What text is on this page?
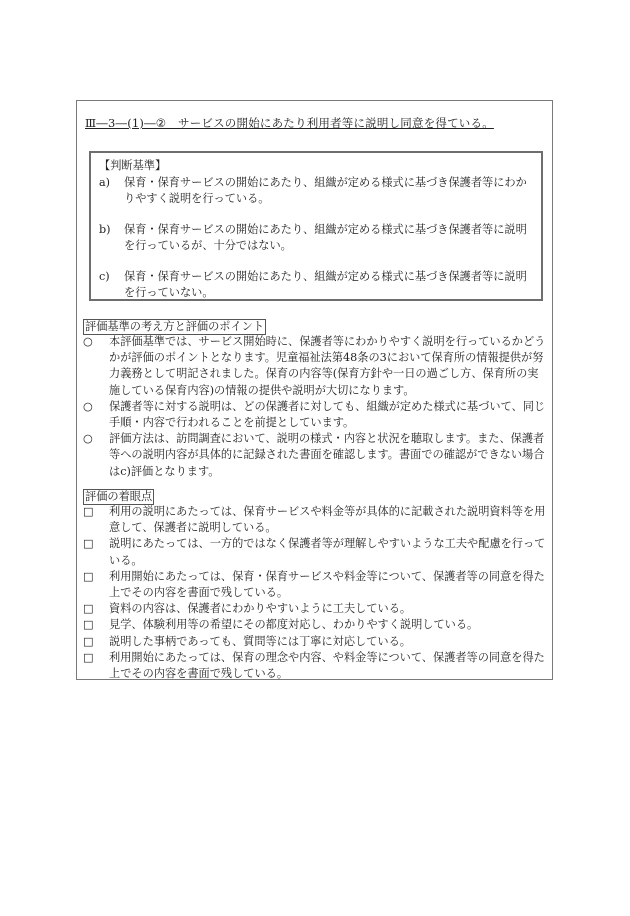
Ⅲ―3―(1)―②　サービスの開始にあたり利用者等に説明し同意を得ている。
【判断基準】
a)	保育・保育サービスの開始にあたり、組織が定める様式に基づき保護者等にわかりやすく説明を行っている。
b)	保育・保育サービスの開始にあたり、組織が定める様式に基づき保護者等に説明を行っているが、十分ではない。
c)	保育・保育サービスの開始にあたり、組織が定める様式に基づき保護者等に説明を行っていない。
評価基準の考え方と評価のポイント
○	本評価基準では、サービス開始時に、保護者等にわかりやすく説明を行っているかどうかが評価のポイントとなります。児童福祉法第48条の3において保育所の情報提供が努力義務として明記されました。保育の内容等(保育方針や一日の過ごし方、保育所の実施している保育内容)の情報の提供や説明が大切になります。
○	保護者等に対する説明は、どの保護者に対しても、組織が定めた様式に基づいて、同じ手順・内容で行われることを前提としています。
○	評価方法は、訪問調査において、説明の様式・内容と状況を聴取します。また、保護者等への説明内容が具体的に記録された書面を確認します。書面での確認ができない場合はc)評価となります。
評価の着眼点
□	利用の説明にあたっては、保育サービスや料金等が具体的に記載された説明資料等を用意して、保護者に説明している。
□	説明にあたっては、一方的ではなく保護者等が理解しやすいような工夫や配慮を行っている。
□	利用開始にあたっては、保育・保育サービスや料金等について、保護者等の同意を得た上でその内容を書面で残している。
□	資料の内容は、保護者にわかりやすいように工夫している。
□	見学、体験利用等の希望にその都度対応し、わかりやすく説明している。
□	説明した事柄であっても、質問等には丁寧に対応している。
□	利用開始にあたっては、保育の理念や内容、や料金等について、保護者等の同意を得た上でその内容を書面で残している。
